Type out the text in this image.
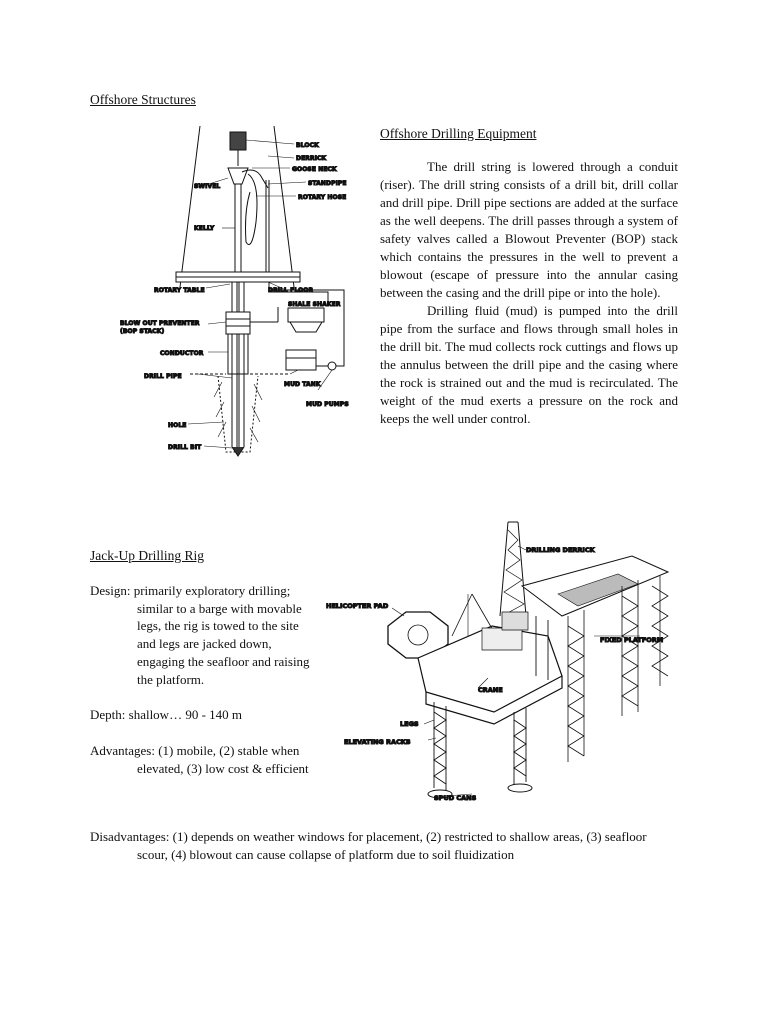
Offshore Structures
BLOCK
DERRICK
GOOSE NECK
STANDPIPE
ROTARY HOSE
SWIVEL
KELLY
ROTARY TABLE	DRILL FLOOR
SHALE SHAKER
BLOW OUT PREVENTER
(BOP STACK)
CONDUCTOR
DRILL PIPE
MUD TANK
MUD PUMPS
HOLE
DRILL BIT
Offshore Drilling Equipment

The drill string is lowered through a conduit (riser). The drill string consists of a drill bit, drill collar and drill pipe. Drill pipe sections are added at the surface as the well deepens. The drill passes through a system of safety valves called a Blowout Preventer (BOP) stack which contains the pressures in the well to prevent a blowout (escape of pressure into the annular casing between the casing and the drill pipe or into the hole).

Drilling fluid (mud) is pumped into the drill pipe from the surface and flows through small holes in the drill bit. The mud collects rock cuttings and flows up the annulus between the drill pipe and the casing where the rock is strained out and the mud is recirculated. The weight of the mud exerts a pressure on the rock and keeps the well under control.

Jack-Up Drilling Rig

Design: primarily exploratory drilling; similar to a barge with movable legs, the rig is towed to the site and legs are jacked down, engaging the seafloor and raising the platform.

Depth: shallow… 90 - 140 m

Advantages: (1) mobile, (2) stable when elevated, (3) low cost & efficient

Disadvantages: (1) depends on weather windows for placement, (2) restricted to shallow areas, (3) seafloor scour, (4) blowout can cause collapse of platform due to soil fluidization

DRILLING DERRICK
HELICOPTER PAD
FIXED PLATFORM
CRANE
LEGS
ELEVATING RACKS
SPUD CANS
